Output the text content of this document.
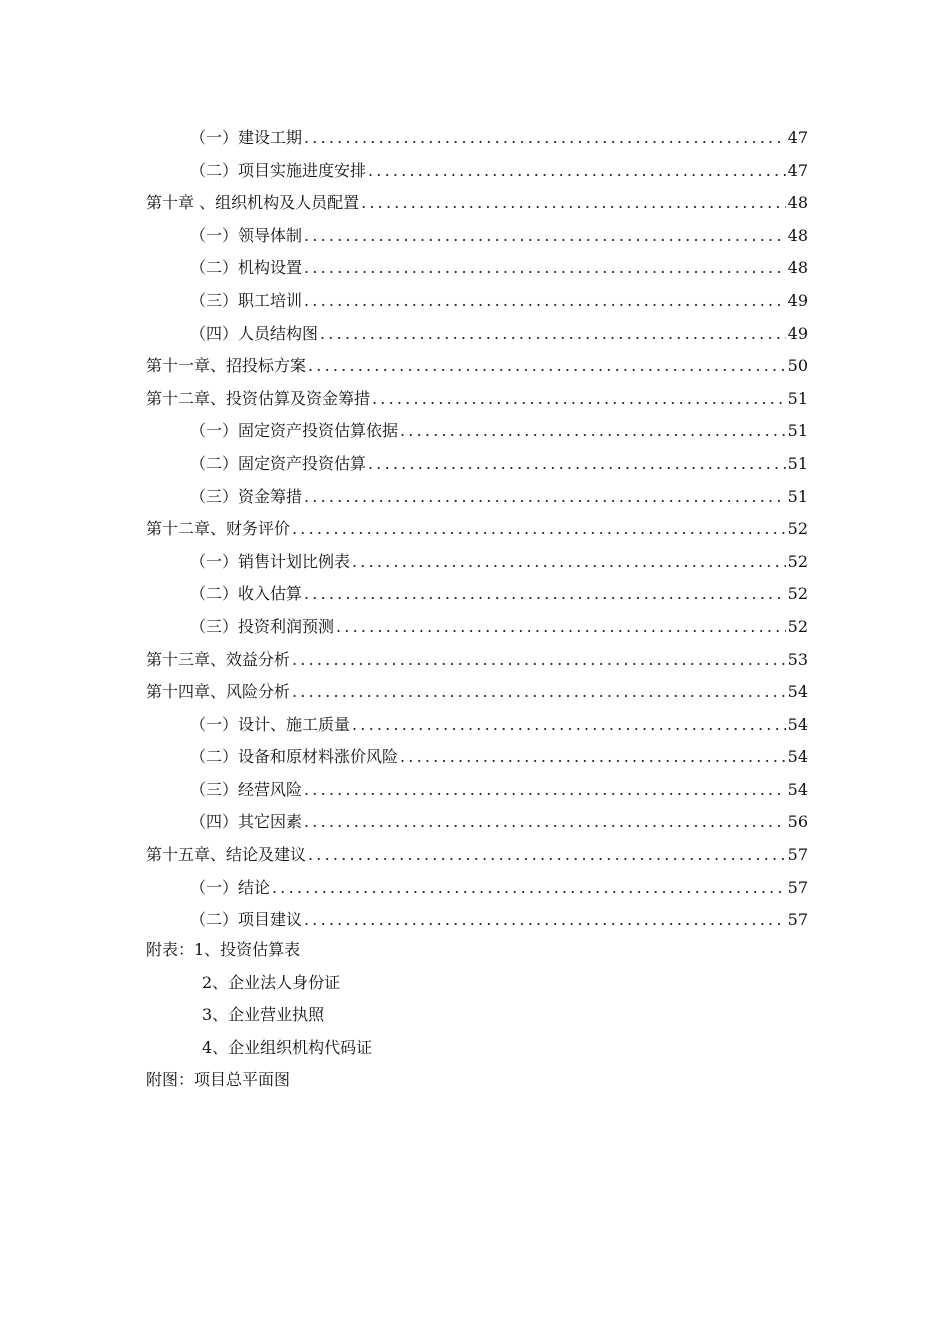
（一）建设工期 .....	47
（二）项目实施进度安排 .....	47
第十章 、组织机构及人员配置 .....	48
（一）领导体制 .....	48
（二）机构设置 .....	48
（三）职工培训 .....	49
（四）人员结构图 .....	49
第十一章、招投标方案 .....	50
第十二章、投资估算及资金筹措 .....	51
（一）固定资产投资估算依据 .....	51
（二）固定资产投资估算 .....	51
（三）资金筹措 .....	51
第十二章、财务评价 .....	52
（一）销售计划比例表 .....	52
（二）收入估算 .....	52
（三）投资利润预测 .....	52
第十三章、效益分析 .....	53
第十四章、风险分析 .....	54
（一）设计、施工质量 .....	54
（二）设备和原材料涨价风险 .....	54
（三）经营风险 .....	54
（四）其它因素 .....	56
第十五章、结论及建议 .....	57
（一）结论 .....	57
（二）项目建议 .....	57
附表：1、投资估算表
2、企业法人身份证
3、企业营业执照
4、企业组织机构代码证
附图：项目总平面图
